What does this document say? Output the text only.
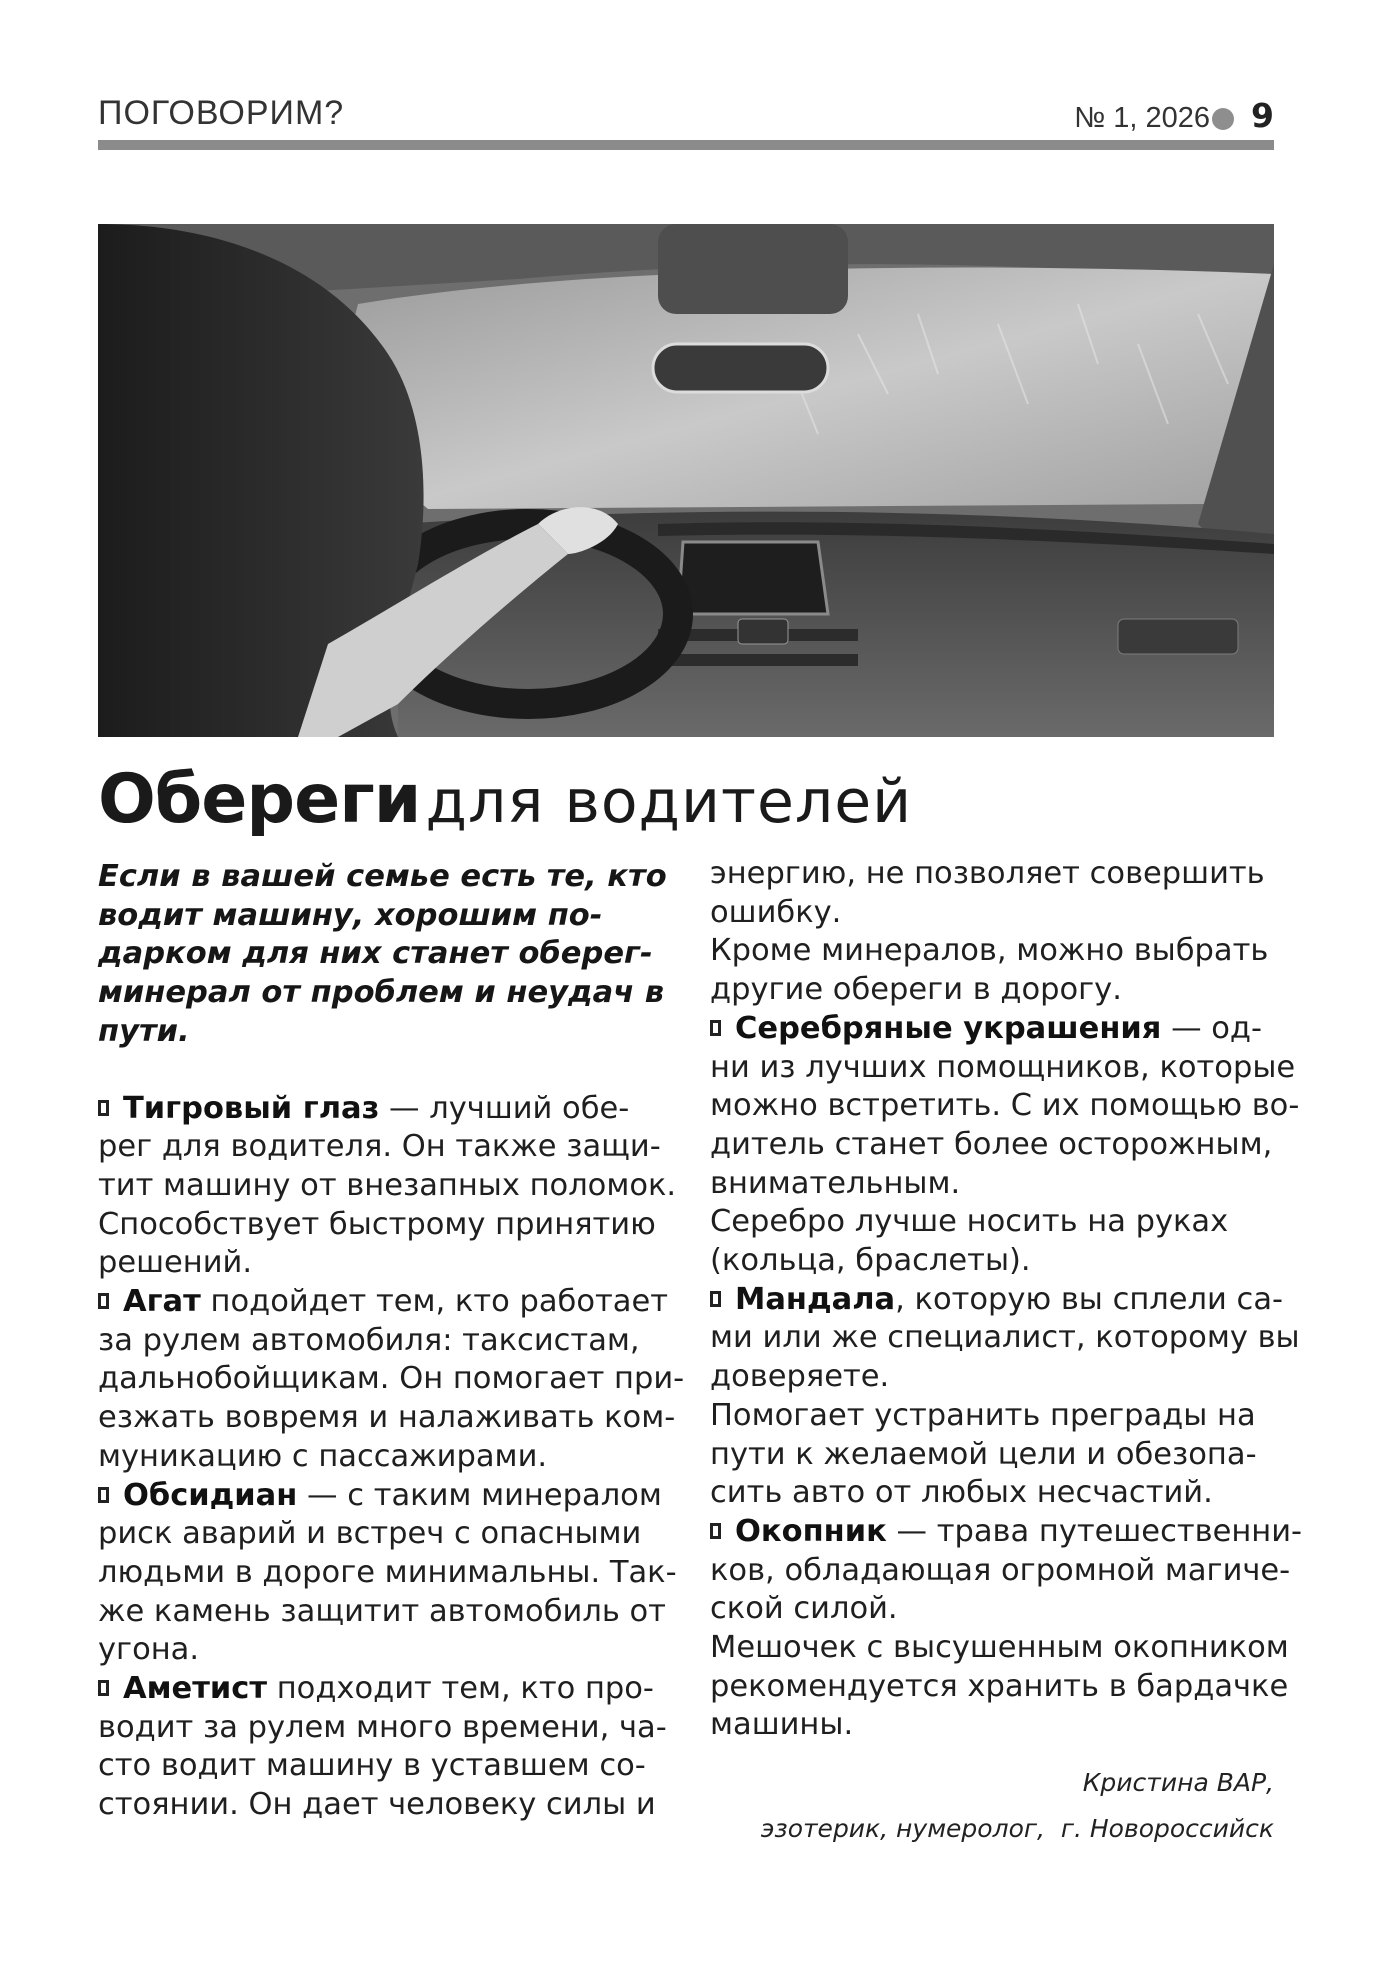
ПОГОВОРИМ?	№ 1, 2026 9
Обереги для водителей
Если в вашей семье есть те, кто
водит машину, хорошим по-
дарком для них станет оберег-
минерал от проблем и неудач в
пути.
Тигровый глаз — лучший обе-
рег для водителя. Он также защи-
тит машину от внезапных поломок.
Способствует быстрому принятию
решений.
Агат подойдет тем, кто работает
за рулем автомобиля: таксистам,
дальнобойщикам. Он помогает при-
езжать вовремя и налаживать ком-
муникацию с пассажирами.
Обсидиан — с таким минералом
риск аварий и встреч с опасными
людьми в дороге минимальны. Так-
же камень защитит автомобиль от
угона.
Аметист подходит тем, кто про-
водит за рулем много времени, ча-
сто водит машину в уставшем со-
стоянии. Он дает человеку силы и
энергию, не позволяет совершить
ошибку.
Кроме минералов, можно выбрать
другие обереги в дорогу.
Серебряные украшения — од-
ни из лучших помощников, которые
можно встретить. С их помощью во-
дитель станет более осторожным,
внимательным.
Серебро лучше носить на руках
(кольца, браслеты).
Мандала, которую вы сплели са-
ми или же специалист, которому вы
доверяете.
Помогает устранить преграды на
пути к желаемой цели и обезопа-
сить авто от любых несчастий.
Окопник — трава путешественни-
ков, обладающая огромной магиче-
ской силой.
Мешочек с высушенным окопником
рекомендуется хранить в бардачке
машины.
Кристина ВАР,
эзотерик, нумеролог,  г. Новороссийск
